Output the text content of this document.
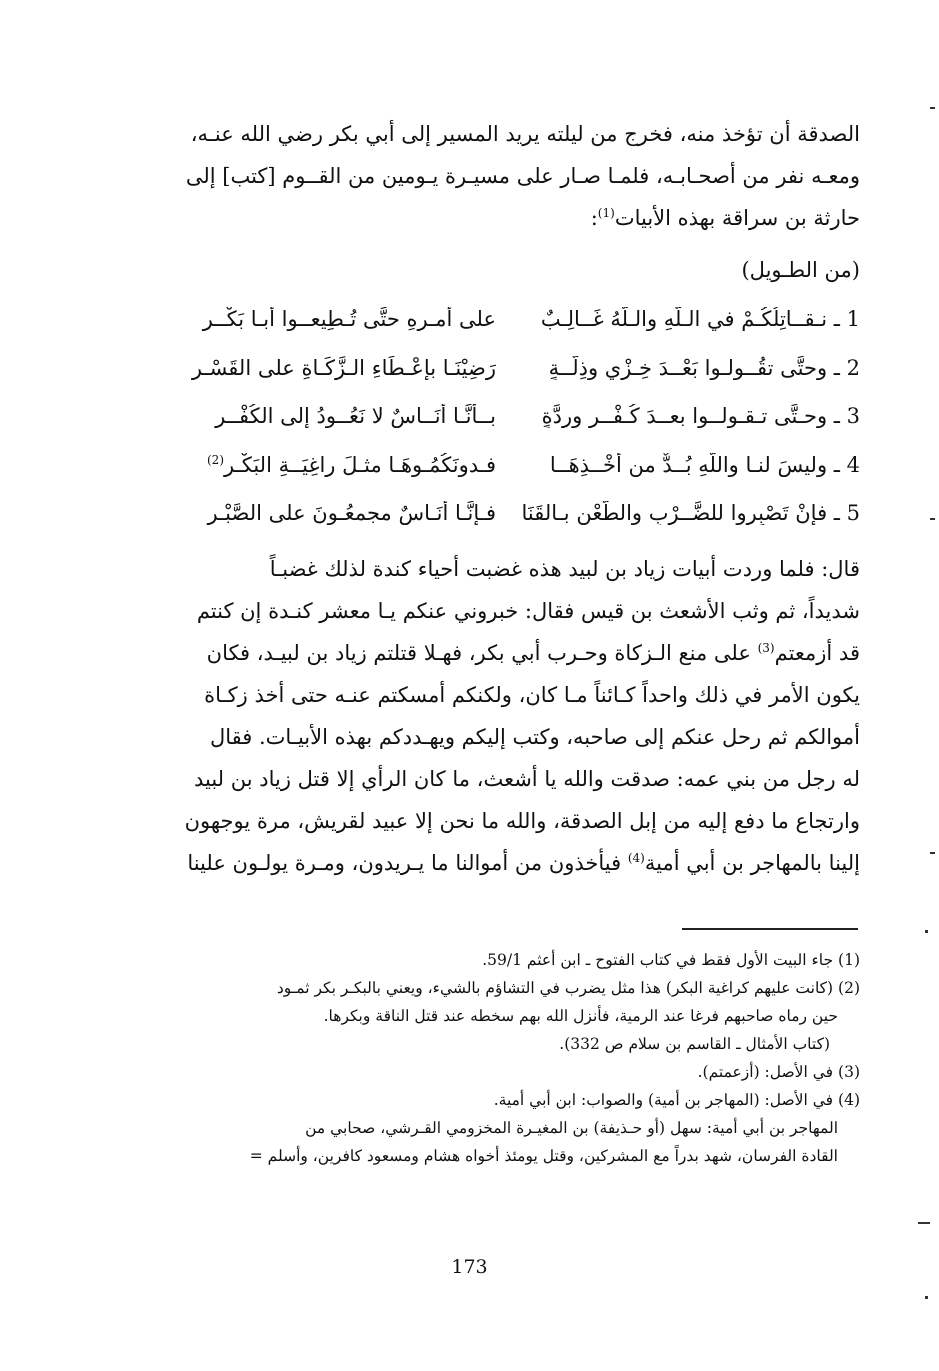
الصدقة أن تؤخذ منه، فخرج من ليلته يريد المسير إلى أبي بكر رضي الله عنـه،
ومعـه نفر من أصحـابـه، فلمـا صـار على مسيـرة يـومين من القــوم [كتب] إلى
حارثة بن سراقة بهذه الأبيات$^{(1)}$:
(من الطـويل)
1 ـ نـقــاتِلُكُـمْ في الـلَّهِ والـلَّهُ غَــالِـبٌ
على أمـرِهِ حتَّى تُـطِيعــوا أبـا بَكْــرِ
2 ـ وحتَّى تقُــولـوا بَعْــدَ خِـزْيٍ وذِلَّــةٍ
رَضِيْنَـا بإعْـطَاءِ الـزَّكَـاةِ على القَسْـرِ
3 ـ وحـتَّى تـقـولــوا بعــدَ كُـفْــرٍ ورِدَّةٍ
بــأنَّـا أُنَــاسٌ لا نَعُــودُ إلى الكُفْــرِ
4 ـ وليسَ لنـا واللَّهِ بُــدٌّ من أخْــذِهَــا
فـدونَكُمُـوهَـا مثـلَ راغِيَــةِ البَكْـرِ$^{(2)}$
5 ـ فإنْ تَصْبِروا للضَّــرْبِ والطَّعْنِ بـالقَنَا
فـإنَّـا أُنَـاسٌ مجمعُـونَ على الصَّبْـرِ
قال: فلما وردت أبيات زياد بن لبيد هذه غضبت أحياء كندة لذلك غضبـاً
شديداً، ثم وثب الأشعث بن قيس فقال: خبروني عنكم يـا معشر كنـدة إن كنتم
قد أزمعتم$^{(3)}$ على منع الـزكاة وحـرب أبي بكر، فهـلا قتلتم زياد بن لبيـد، فكان
يكون الأمر في ذلك واحداً كـائناً مـا كان، ولكنكم أمسكتم عنـه حتى أخذ زكـاة
أموالكم ثم رحل عنكم إلى صاحبه، وكتب إليكم ويهـددكم بهذه الأبيـات. فقال
له رجل من بني عمه: صدقت والله يا أشعث، ما كان الرأي إلا قتل زياد بن لبيد
وارتجاع ما دفع إليه من إبل الصدقة، والله ما نحن إلا عبيد لقريش، مرة يوجهون
إلينا بالمهاجر بن أبي أمية$^{(4)}$ فيأخذون من أموالنا ما يـريدون، ومـرة يولـون علينا
(1) جاء البيت الأول فقط في كتاب الفتوح ـ ابن أعثم 59/1.
(2) (كانت عليهم كراغية البكر) هذا مثل يضرب في التشاؤم بالشيء، ويعني بالبكـر بكر ثمـود
حين رماه صاحبهم فرغا عند الرمية، فأنزل الله بهم سخطه عند قتل الناقة وبكرها.
(كتاب الأمثال ـ القاسم بن سلام ص 332).
(3) في الأصل: (أزعمتم).
(4) في الأصل: (المهاجر بن أمية) والصواب: ابن أبي أمية.
المهاجر بن أبي أمية: سهل (أو حـذيفة) بن المغيـرة المخزومي القـرشي، صحابي من
القادة الفرسان، شهد بدراً مع المشركين، وقتل يومئذ أخواه هشام ومسعود كافرين، وأسلم =
173
